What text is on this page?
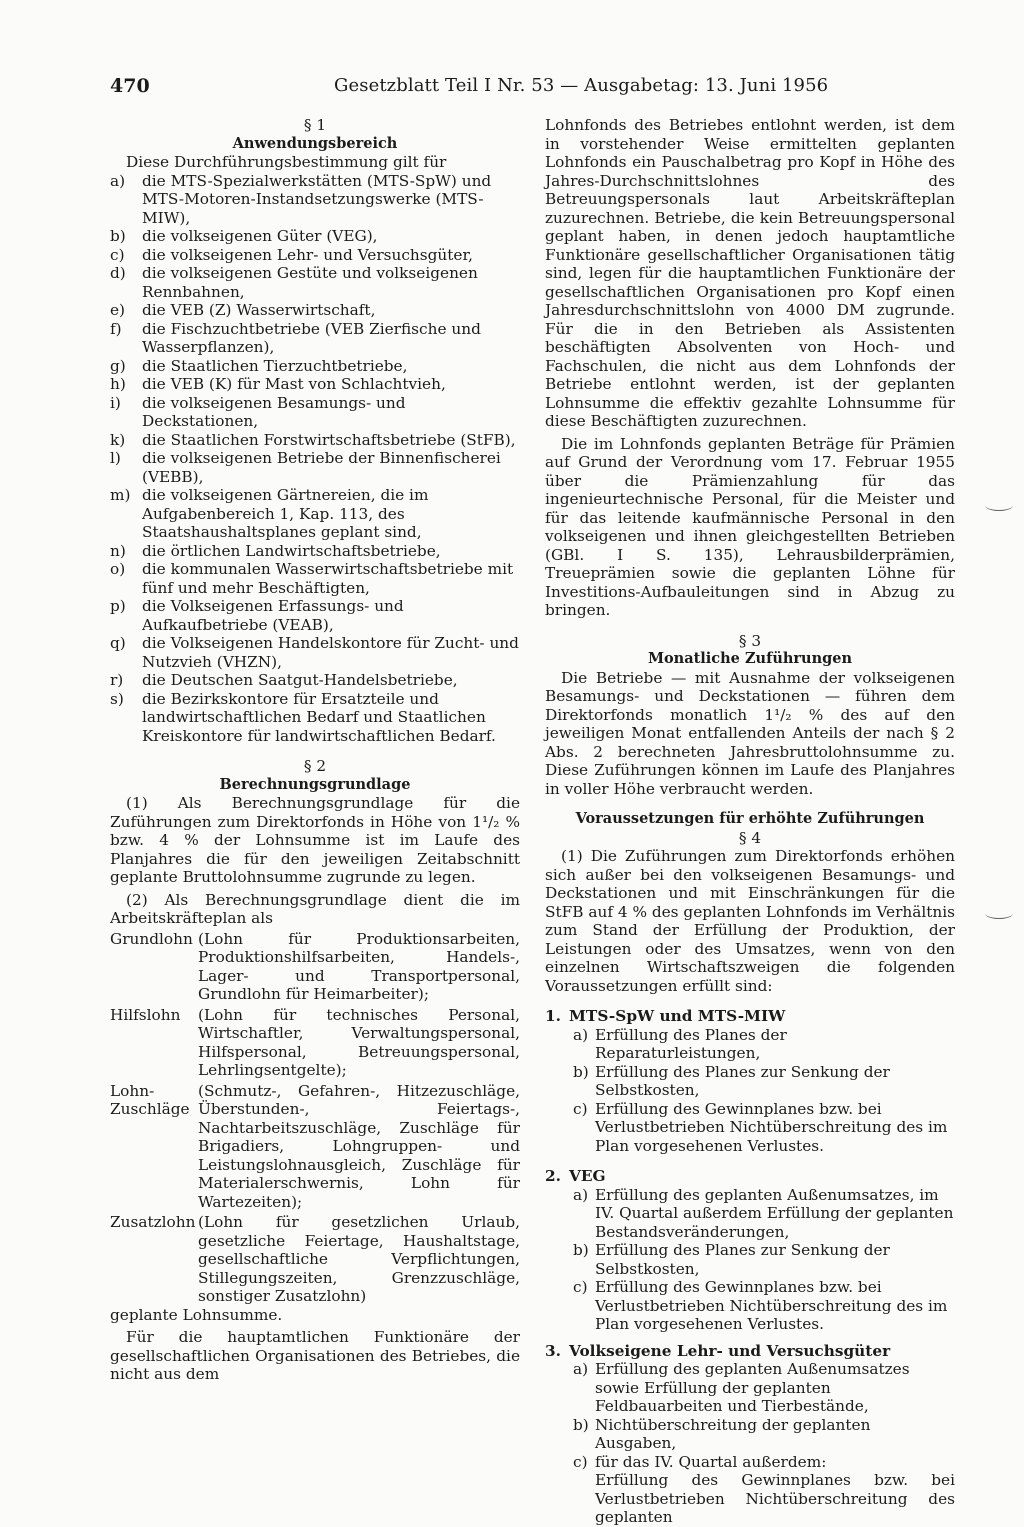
470	Gesetzblatt Teil I Nr. 53 — Ausgabetag: 13. Juni 1956

§ 1

Anwendungsbereich

Diese Durchführungsbestimmung gilt für

a)	die MTS-Spezialwerkstätten (MTS-SpW) und MTS-Motoren-Instandsetzungswerke (MTS-MIW),
b)	die volkseigenen Güter (VEG),
c)	die volkseigenen Lehr- und Versuchsgüter,
d)	die volkseigenen Gestüte und volkseigenen Rennbahnen,
e)	die VEB (Z) Wasserwirtschaft,
f)	die Fischzuchtbetriebe (VEB Zierfische und Wasserpflanzen),
g)	die Staatlichen Tierzuchtbetriebe,
h)	die VEB (K) für Mast von Schlachtvieh,
i)	die volkseigenen Besamungs- und Deckstationen,
k)	die Staatlichen Forstwirtschaftsbetriebe (StFB),
l)	die volkseigenen Betriebe der Binnenfischerei (VEBB),
m) die volkseigenen Gärtnereien, die im Aufgabenbereich 1, Kap. 113, des Staatshaushaltsplanes geplant sind,
n)	die örtlichen Landwirtschaftsbetriebe,
o)	die kommunalen Wasserwirtschaftsbetriebe mit fünf und mehr Beschäftigten,
p)	die Volkseigenen Erfassungs- und Aufkaufbetriebe (VEAB),
q)	die Volkseigenen Handelskontore für Zucht- und Nutzvieh (VHZN),
r)	die Deutschen Saatgut-Handelsbetriebe,
s)	die Bezirkskontore für Ersatzteile und landwirtschaftlichen Bedarf und Staatlichen Kreiskontore für landwirtschaftlichen Bedarf.

§ 2

Berechnungsgrundlage

(1) Als Berechnungsgrundlage für die Zuführungen zum Direktorfonds in Höhe von 1¹/₂ % bzw. 4 % der Lohnsumme ist im Laufe des Planjahres die für den jeweiligen Zeitabschnitt geplante Bruttolohnsumme zugrunde zu legen.

(2) Als Berechnungsgrundlage dient die im Arbeitskräfteplan als

Grundlohn (Lohn für Produktionsarbeiten, Produktionshilfsarbeiten, Handels-, Lager- und Transportpersonal, Grundlohn für Heimarbeiter);
Hilfslohn	(Lohn für technisches Personal, Wirtschaftler, Verwaltungspersonal, Hilfspersonal, Betreuungspersonal, Lehrlingsentgelte);
Lohn-
Zuschläge
(Schmutz-, Gefahren-, Hitzezuschläge, Überstunden-, Feiertags-, Nachtarbeitszuschläge, Zuschläge für Brigadiers, Lohngruppen- und Leistungslohnausgleich, Zuschläge für Materialerschwernis, Lohn für Wartezeiten);
Zusatzlohn (Lohn für gesetzlichen Urlaub, gesetzliche Feiertage, Haushaltstage, gesellschaftliche Verpflichtungen, Stillegungszeiten, Grenzzuschläge, sonstiger Zusatzlohn)

geplante Lohnsumme.

Für die hauptamtlichen Funktionäre der gesellschaftlichen Organisationen des Betriebes, die nicht aus dem

Lohnfonds des Betriebes entlohnt werden, ist dem in vorstehender Weise ermittelten geplanten Lohnfonds ein Pauschalbetrag pro Kopf in Höhe des Jahres-Durchschnittslohnes des Betreuungspersonals laut Arbeitskräfteplan zuzurechnen. Betriebe, die kein Betreuungspersonal geplant haben, in denen jedoch hauptamtliche Funktionäre gesellschaftlicher Organisationen tätig sind, legen für die hauptamtlichen Funktionäre der gesellschaftlichen Organisationen pro Kopf einen Jahresdurchschnittslohn von 4000 DM zugrunde. Für die in den Betrieben als Assistenten beschäftigten Absolventen von Hoch- und Fachschulen, die nicht aus dem Lohnfonds der Betriebe entlohnt werden, ist der geplanten Lohnsumme die effektiv gezahlte Lohnsumme für diese Beschäftigten zuzurechnen.

Die im Lohnfonds geplanten Beträge für Prämien auf Grund der Verordnung vom 17. Februar 1955 über die Prämienzahlung für das ingenieurtechnische Personal, für die Meister und für das leitende kaufmännische Personal in den volkseigenen und ihnen gleichgestellten Betrieben (GBl. I S. 135), Lehrausbilderprämien, Treueprämien sowie die geplanten Löhne für Investitions-Aufbauleitungen sind in Abzug zu bringen.

§ 3

Monatliche Zuführungen

Die Betriebe — mit Ausnahme der volkseigenen Besamungs- und Deckstationen — führen dem Direktorfonds monatlich 1¹/₂ % des auf den jeweiligen Monat entfallenden Anteils der nach § 2 Abs. 2 berechneten Jahresbruttolohnsumme zu. Diese Zuführungen können im Laufe des Planjahres in voller Höhe verbraucht werden.

Voraussetzungen für erhöhte Zuführungen

§ 4

(1) Die Zuführungen zum Direktorfonds erhöhen sich außer bei den volkseigenen Besamungs- und Deckstationen und mit Einschränkungen für die StFB auf 4 % des geplanten Lohnfonds im Verhältnis zum Stand der Erfüllung der Produktion, der Leistungen oder des Umsatzes, wenn von den einzelnen Wirtschaftszweigen die folgenden Voraussetzungen erfüllt sind:

1. MTS-SpW und MTS-MIW
a) Erfüllung des Planes der Reparaturleistungen,
b) Erfüllung des Planes zur Senkung der Selbstkosten,
c) Erfüllung des Gewinnplanes bzw. bei Verlustbetrieben Nichtüberschreitung des im Plan vorgesehenen Verlustes.
2. VEG
a) Erfüllung des geplanten Außenumsatzes, im IV. Quartal außerdem Erfüllung der geplanten Bestandsveränderungen,
b) Erfüllung des Planes zur Senkung der Selbstkosten,
c) Erfüllung des Gewinnplanes bzw. bei Verlustbetrieben Nichtüberschreitung des im Plan vorgesehenen Verlustes.
3. Volkseigene Lehr- und Versuchsgüter
a) Erfüllung des geplanten Außenumsatzes sowie Erfüllung der geplanten Feldbauarbeiten und Tierbestände,
b) Nichtüberschreitung der geplanten Ausgaben,
c) für das IV. Quartal außerdem:

Erfüllung des Gewinnplanes bzw. bei Verlustbetrieben Nichtüberschreitung des geplanten
